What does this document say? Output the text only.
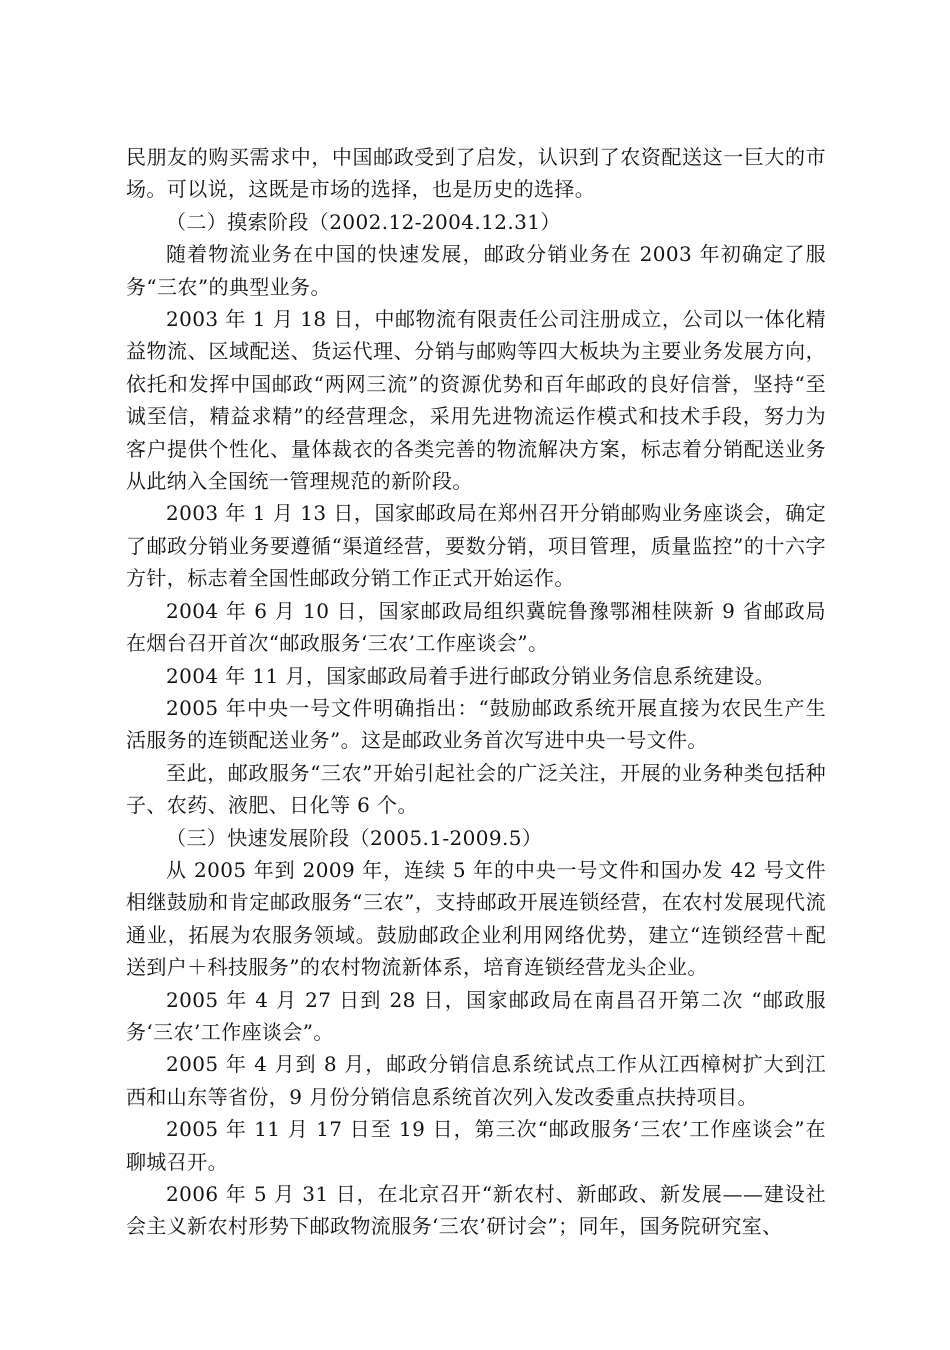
民朋友的购买需求中，中国邮政受到了启发，认识到了农资配送这一巨大的市场。可以说，这既是市场的选择，也是历史的选择。

（二）摸索阶段（2002.12-2004.12.31）

随着物流业务在中国的快速发展，邮政分销业务在 2003 年初确定了服务“三农”的典型业务。

2003 年 1 月 18 日，中邮物流有限责任公司注册成立，公司以一体化精益物流、区域配送、货运代理、分销与邮购等四大板块为主要业务发展方向，依托和发挥中国邮政“两网三流”的资源优势和百年邮政的良好信誉，坚持“至诚至信，精益求精”的经营理念，采用先进物流运作模式和技术手段，努力为客户提供个性化、量体裁衣的各类完善的物流解决方案，标志着分销配送业务从此纳入全国统一管理规范的新阶段。

2003 年 1 月 13 日，国家邮政局在郑州召开分销邮购业务座谈会，确定了邮政分销业务要遵循“渠道经营，要数分销，项目管理，质量监控”的十六字方针，标志着全国性邮政分销工作正式开始运作。

2004 年 6 月 10 日，国家邮政局组织冀皖鲁豫鄂湘桂陕新 9 省邮政局在烟台召开首次“邮政服务‘三农’工作座谈会”。

2004 年 11 月，国家邮政局着手进行邮政分销业务信息系统建设。

2005 年中央一号文件明确指出：“鼓励邮政系统开展直接为农民生产生活服务的连锁配送业务”。这是邮政业务首次写进中央一号文件。

至此，邮政服务“三农”开始引起社会的广泛关注，开展的业务种类包括种子、农药、液肥、日化等 6 个。

（三）快速发展阶段（2005.1-2009.5）

从 2005 年到 2009 年，连续 5 年的中央一号文件和国办发 42 号文件相继鼓励和肯定邮政服务“三农”，支持邮政开展连锁经营，在农村发展现代流通业，拓展为农服务领域。鼓励邮政企业利用网络优势，建立“连锁经营＋配送到户＋科技服务”的农村物流新体系，培育连锁经营龙头企业。

2005 年 4 月 27 日到 28 日，国家邮政局在南昌召开第二次 “邮政服务‘三农’工作座谈会”。

2005 年 4 月到 8 月，邮政分销信息系统试点工作从江西樟树扩大到江西和山东等省份，9 月份分销信息系统首次列入发改委重点扶持项目。

2005 年 11 月 17 日至 19 日，第三次“邮政服务‘三农’工作座谈会”在聊城召开。

2006 年 5 月 31 日，在北京召开“新农村、新邮政、新发展——建设社会主义新农村形势下邮政物流服务‘三农’研讨会”；同年，国务院研究室、
